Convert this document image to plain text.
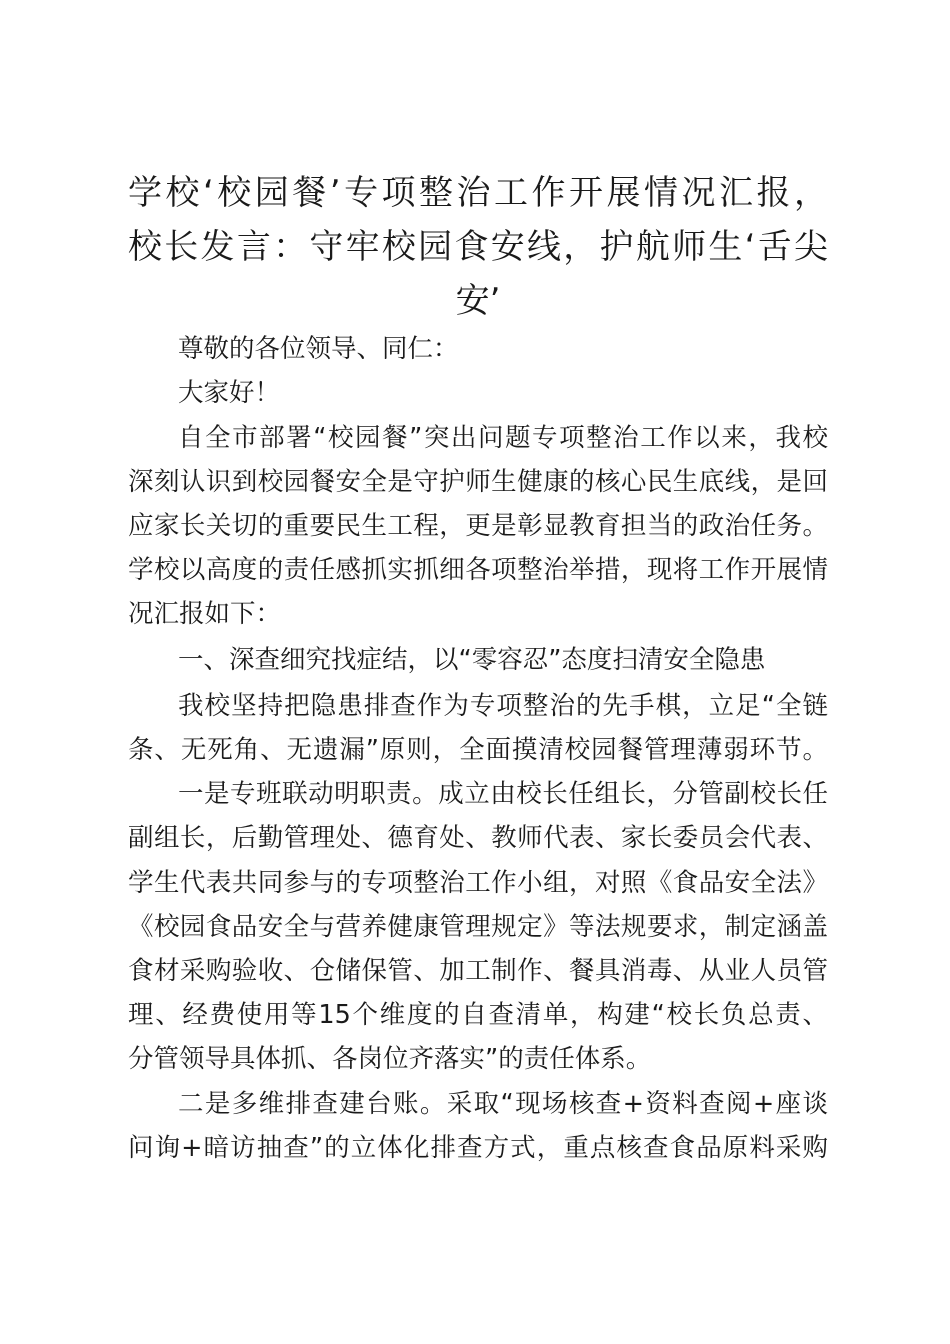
学校‘校园餐’专项整治工作开展情况汇报，
校长发言：守牢校园食安线，护航师生‘舌尖
安’
尊敬的各位领导、同仁：
大家好！
自全市部署“校园餐”突出问题专项整治工作以来，我校
深刻认识到校园餐安全是守护师生健康的核心民生底线，是回
应家长关切的重要民生工程，更是彰显教育担当的政治任务。
学校以高度的责任感抓实抓细各项整治举措，现将工作开展情
况汇报如下：
一、深查细究找症结，以“零容忍”态度扫清安全隐患
我校坚持把隐患排查作为专项整治的先手棋，立足“全链
条、无死角、无遗漏”原则，全面摸清校园餐管理薄弱环节。
一是专班联动明职责。成立由校长任组长，分管副校长任
副组长，后勤管理处、德育处、教师代表、家长委员会代表、
学生代表共同参与的专项整治工作小组，对照《食品安全法》
《校园食品安全与营养健康管理规定》等法规要求，制定涵盖
食材采购验收、仓储保管、加工制作、餐具消毒、从业人员管
理、经费使用等15个维度的自查清单，构建“校长负总责、
分管领导具体抓、各岗位齐落实”的责任体系。
二是多维排查建台账。采取“现场核查+资料查阅+座谈
问询+暗访抽查”的立体化排查方式，重点核查食品原料采购
